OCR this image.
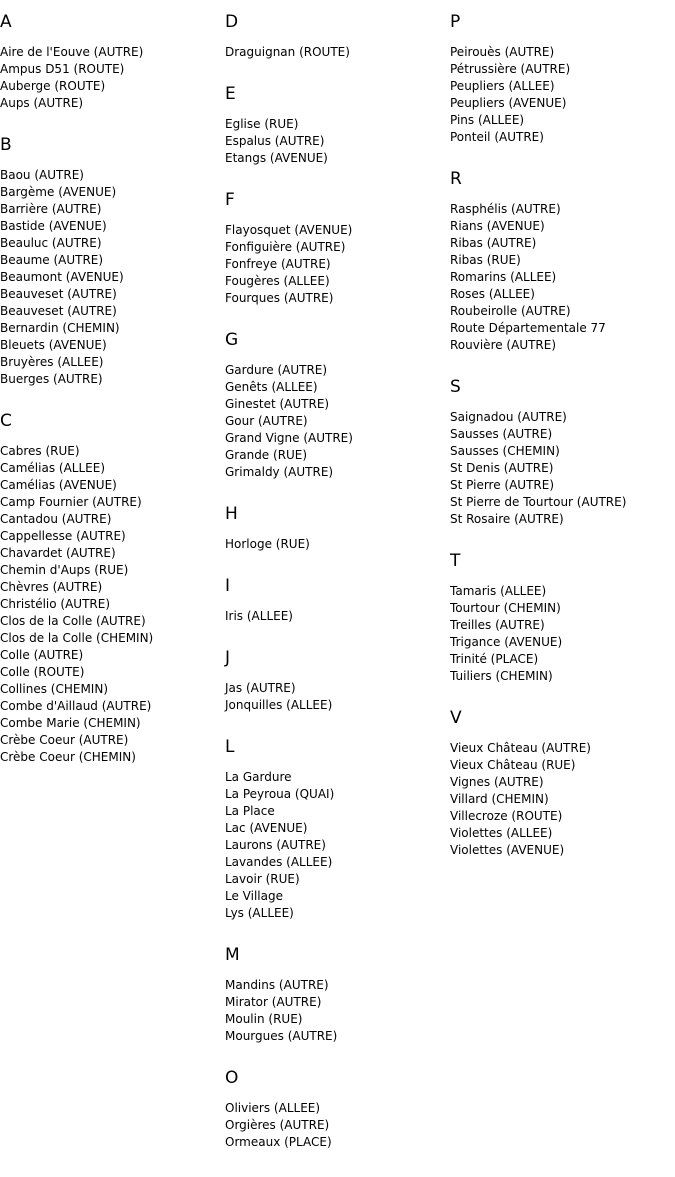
A
Aire de l'Eouve (AUTRE)
Ampus D51 (ROUTE)
Auberge (ROUTE)
Aups (AUTRE)
B
Baou (AUTRE)
Bargème (AVENUE)
Barrière (AUTRE)
Bastide (AVENUE)
Beauluc (AUTRE)
Beaume (AUTRE)
Beaumont (AVENUE)
Beauveset (AUTRE)
Beauveset (AUTRE)
Bernardin (CHEMIN)
Bleuets (AVENUE)
Bruyères (ALLEE)
Buerges (AUTRE)
C
Cabres (RUE)
Camélias (ALLEE)
Camélias (AVENUE)
Camp Fournier (AUTRE)
Cantadou (AUTRE)
Cappellesse (AUTRE)
Chavardet (AUTRE)
Chemin d'Aups (RUE)
Chèvres (AUTRE)
Christélio (AUTRE)
Clos de la Colle (AUTRE)
Clos de la Colle (CHEMIN)
Colle (AUTRE)
Colle (ROUTE)
Collines (CHEMIN)
Combe d'Aillaud (AUTRE)
Combe Marie (CHEMIN)
Crèbe Coeur (AUTRE)
Crèbe Coeur (CHEMIN)
D
Draguignan (ROUTE)
E
Eglise (RUE)
Espalus (AUTRE)
Etangs (AVENUE)
F
Flayosquet (AVENUE)
Fonfiguière (AUTRE)
Fonfreye (AUTRE)
Fougères (ALLEE)
Fourques (AUTRE)
G
Gardure (AUTRE)
Genêts (ALLEE)
Ginestet (AUTRE)
Gour (AUTRE)
Grand Vigne (AUTRE)
Grande (RUE)
Grimaldy (AUTRE)
H
Horloge (RUE)
I
Iris (ALLEE)
J
Jas (AUTRE)
Jonquilles (ALLEE)
L
La Gardure
La Peyroua (QUAI)
La Place
Lac (AVENUE)
Laurons (AUTRE)
Lavandes (ALLEE)
Lavoir (RUE)
Le Village
Lys (ALLEE)
M
Mandins (AUTRE)
Mirator (AUTRE)
Moulin (RUE)
Mourgues (AUTRE)
O
Oliviers (ALLEE)
Orgières (AUTRE)
Ormeaux (PLACE)
P
Peirouès (AUTRE)
Pétrussière (AUTRE)
Peupliers (ALLEE)
Peupliers (AVENUE)
Pins (ALLEE)
Ponteil (AUTRE)
R
Rasphélis (AUTRE)
Rians (AVENUE)
Ribas (AUTRE)
Ribas (RUE)
Romarins (ALLEE)
Roses (ALLEE)
Roubeirolle (AUTRE)
Route Départementale 77
Rouvière (AUTRE)
S
Saignadou (AUTRE)
Sausses (AUTRE)
Sausses (CHEMIN)
St Denis (AUTRE)
St Pierre (AUTRE)
St Pierre de Tourtour (AUTRE)
St Rosaire (AUTRE)
T
Tamaris (ALLEE)
Tourtour (CHEMIN)
Treilles (AUTRE)
Trigance (AVENUE)
Trinité (PLACE)
Tuiliers (CHEMIN)
V
Vieux Château (AUTRE)
Vieux Château (RUE)
Vignes (AUTRE)
Villard (CHEMIN)
Villecroze (ROUTE)
Violettes (ALLEE)
Violettes (AVENUE)
